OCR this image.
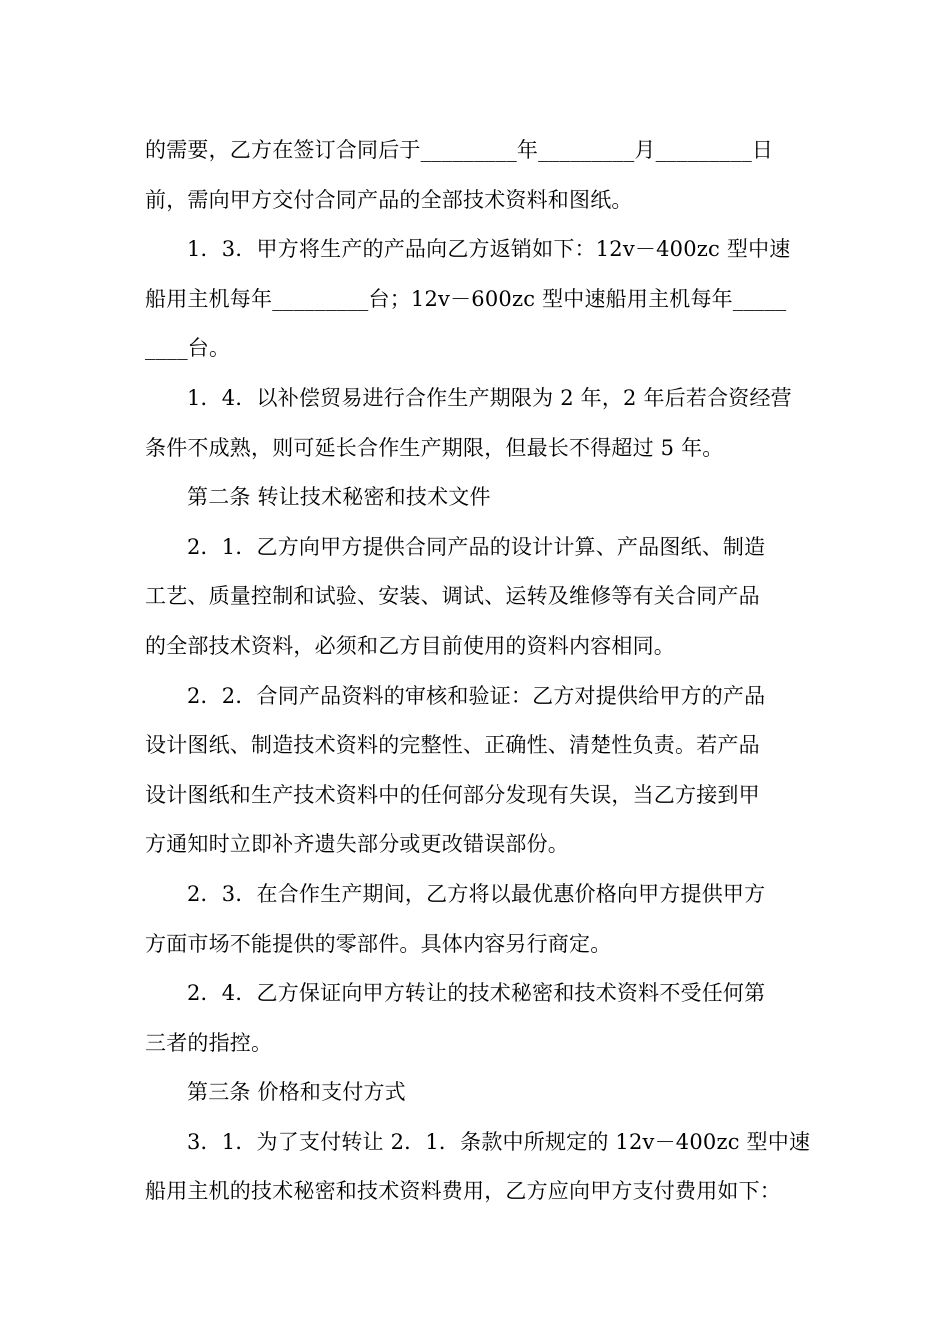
的需要，乙方在签订合同后于_________年_________月_________日
前，需向甲方交付合同产品的全部技术资料和图纸。
1．3．甲方将生产的产品向乙方返销如下：12v－400zc 型中速
船用主机每年_________台；12v－600zc 型中速船用主机每年_____
____台。
1．4．以补偿贸易进行合作生产期限为 2 年，2 年后若合资经营
条件不成熟，则可延长合作生产期限，但最长不得超过 5 年。
第二条 转让技术秘密和技术文件
2．1．乙方向甲方提供合同产品的设计计算、产品图纸、制造
工艺、质量控制和试验、安装、调试、运转及维修等有关合同产品
的全部技术资料，必须和乙方目前使用的资料内容相同。
2．2．合同产品资料的审核和验证：乙方对提供给甲方的产品
设计图纸、制造技术资料的完整性、正确性、清楚性负责。若产品
设计图纸和生产技术资料中的任何部分发现有失误，当乙方接到甲
方通知时立即补齐遗失部分或更改错误部份。
2．3．在合作生产期间，乙方将以最优惠价格向甲方提供甲方
方面市场不能提供的零部件。具体内容另行商定。
2．4．乙方保证向甲方转让的技术秘密和技术资料不受任何第
三者的指控。
第三条 价格和支付方式
3．1．为了支付转让 2．1．条款中所规定的 12v－400zc 型中速
船用主机的技术秘密和技术资料费用，乙方应向甲方支付费用如下：
